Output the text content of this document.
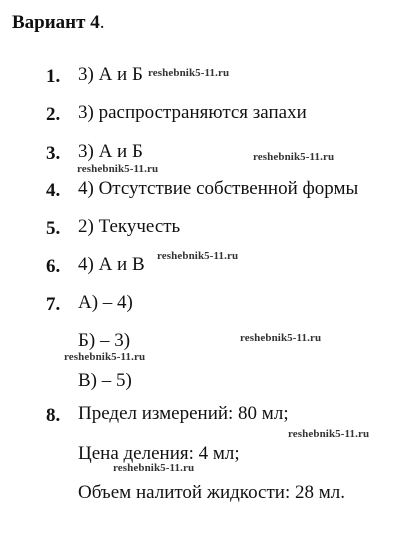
Вариант 4.
1. 3) А и Б
2. 3) распространяются запахи
3. 3) А и Б
4. 4) Отсутствие собственной формы
5. 2) Текучесть
6. 4) А и В
7. А) – 4)
Б) – 3)
В) – 5)
8. Предел измерений: 80 мл;
Цена деления: 4 мл;
Объем налитой жидкости: 28 мл.
reshebnik5-11.ru
reshebnik5-11.ru
reshebnik5-11.ru
reshebnik5-11.ru
reshebnik5-11.ru
reshebnik5-11.ru
reshebnik5-11.ru
reshebnik5-11.ru
